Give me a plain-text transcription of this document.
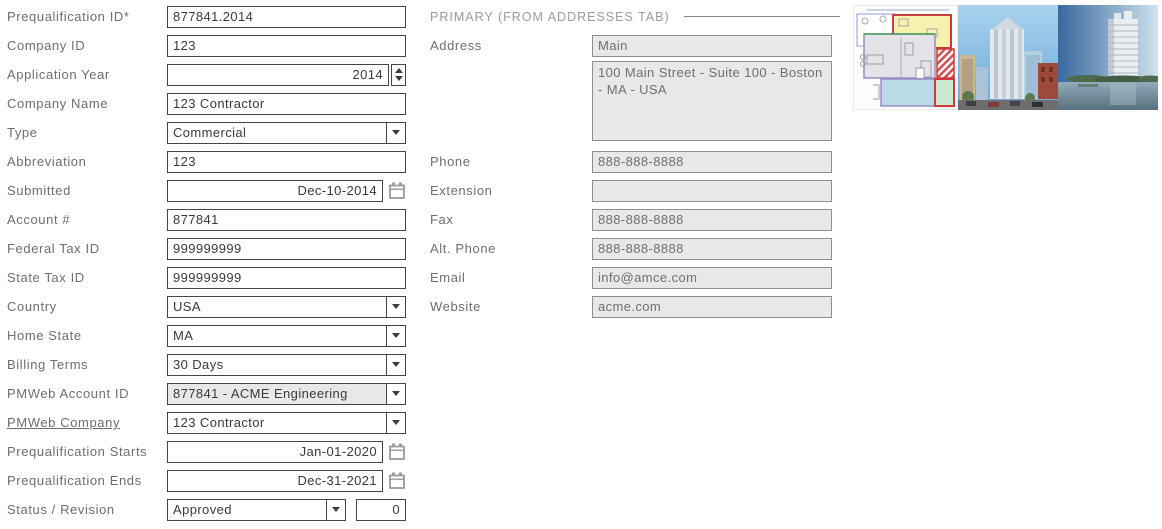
Prequalification ID*	877841.2014
Company ID	123
Application Year	2014
Company Name	123 Contractor
Type	Commercial
Abbreviation	123
Submitted	Dec-10-2014
Account #	877841
Federal Tax ID	999999999
State Tax ID	999999999
Country	USA
Home State	MA
Billing Terms	30 Days
PMWeb Account ID	877841 - ACME Engineering
PMWeb Company	123 Contractor
Prequalification Starts	Jan-01-2020
Prequalification Ends	Dec-31-2021
Status / Revision	Approved	0
PRIMARY (FROM ADDRESSES TAB)
Address	Main
100 Main Street - Suite 100 - Boston - MA - USA
Phone	888-888-8888
Extension
Fax	888-888-8888
Alt. Phone	888-888-8888
Email	info@amce.com
Website	acme.com
